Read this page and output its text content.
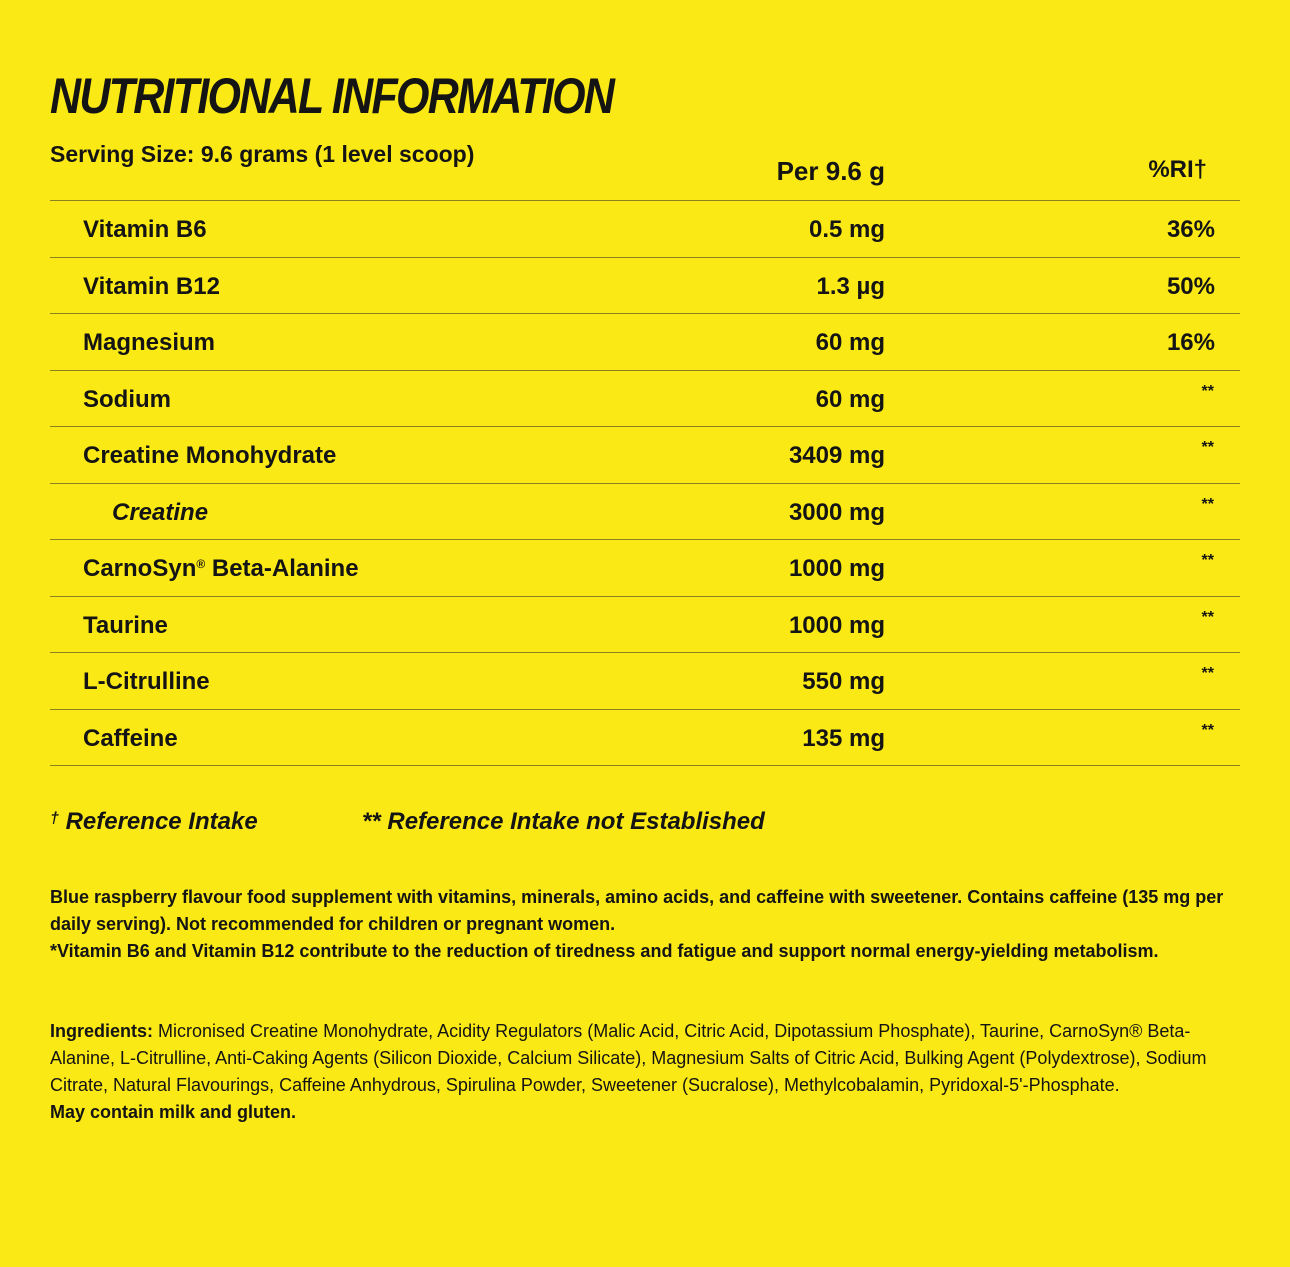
NUTRITIONAL INFORMATION
Serving Size: 9.6 grams (1 level scoop)
Per 9.6 g	%RI†
Vitamin B6	0.5 mg	36%
Vitamin B12	1.3 µg	50%
Magnesium	60 mg	16%
Sodium	60 mg	**
Creatine Monohydrate	3409 mg	**
Creatine	3000 mg	**
CarnoSyn® Beta-Alanine	1000 mg	**
Taurine	1000 mg	**
L-Citrulline	550 mg	**
Caffeine	135 mg	**
† Reference Intake	** Reference Intake not Established

Blue raspberry flavour food supplement with vitamins, minerals, amino acids, and caffeine with sweetener. Contains caffeine (135 mg per daily serving). Not recommended for children or pregnant women.

*Vitamin B6 and Vitamin B12 contribute to the reduction of tiredness and fatigue and support normal energy-yielding metabolism.

Ingredients: Micronised Creatine Monohydrate, Acidity Regulators (Malic Acid, Citric Acid, Dipotassium Phosphate), Taurine, CarnoSyn® Beta-Alanine, L-Citrulline, Anti-Caking Agents (Silicon Dioxide, Calcium Silicate), Magnesium Salts of Citric Acid, Bulking Agent (Polydextrose), Sodium Citrate, Natural Flavourings, Caffeine Anhydrous, Spirulina Powder, Sweetener (Sucralose), Methylcobalamin, Pyridoxal-5'-Phosphate.

May contain milk and gluten.
